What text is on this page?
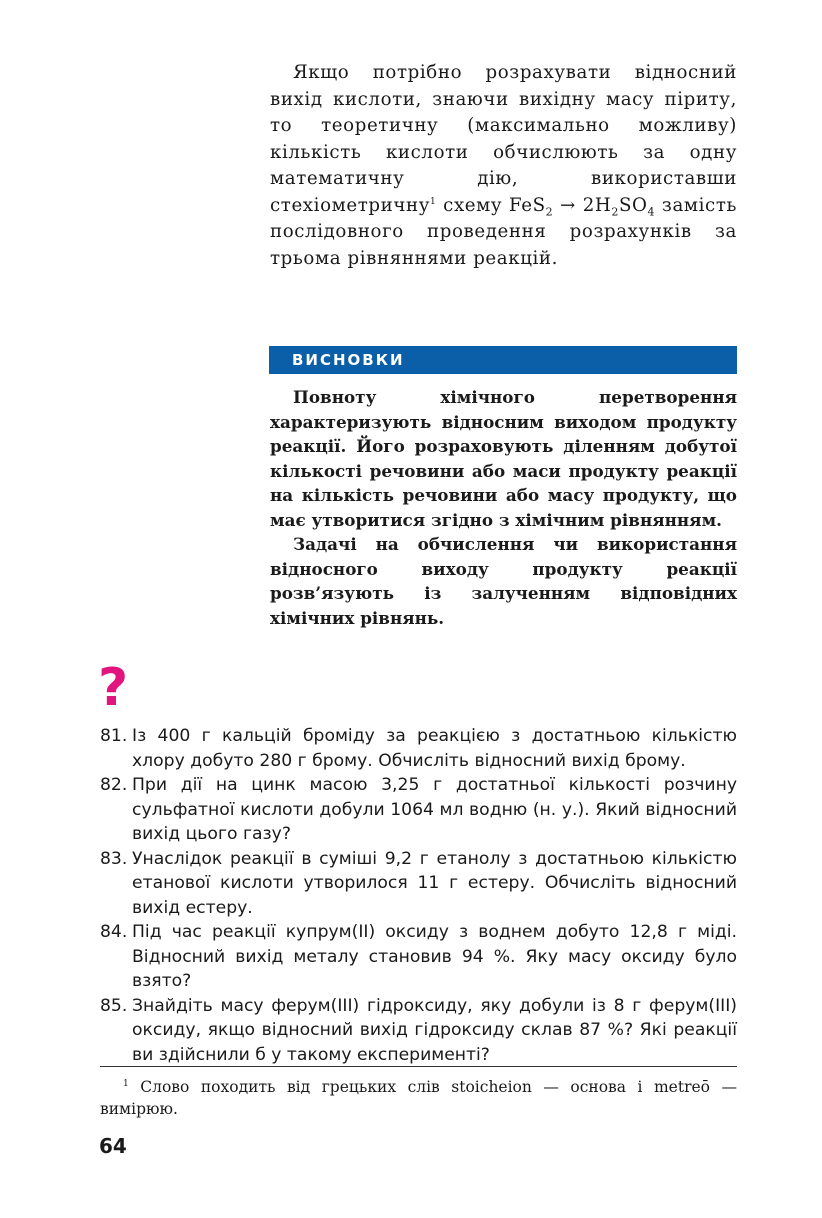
Якщо потрібно розрахувати відносний вихід кислоти, знаючи вихідну масу піриту, то теоретичну (максимально можливу) кількість кислоти обчислюють за одну математичну дію, використавши стехіометричну$^1$ схему $FeS_2 \to 2H_2SO_4$ замість послідовного проведення розрахунків за трьома рівняннями реакцій.
ВИСНОВКИ

Повноту хімічного перетворення характеризують відносним виходом продукту реакції. Його розраховують діленням добутої кількості речовини або маси продукту реакції на кількість речовини або масу продукту, що має утворитися згідно з хімічним рівнянням.

Задачі на обчислення чи використання відносного виходу продукту реакції розв’язують із залученням відповідних хімічних рівнянь.

?
81. Із 400 г кальцій броміду за реакцією з достатньою кількістю хлору добуто 280 г брому. Обчисліть відносний вихід брому.
82. При дії на цинк масою 3,25 г достатньої кількості розчину сульфатної кислоти добули 1064 мл водню (н. у.). Який відносний вихід цього газу?
83. Унаслідок реакції в суміші 9,2 г етанолу з достатньою кількістю етанової кислоти утворилося 11 г естеру. Обчисліть відносний вихід естеру.
84. Під час реакції купрум(ІІ) оксиду з воднем добуто 12,8 г міді. Відносний вихід металу становив 94 %. Яку масу оксиду було взято?
85. Знайдіть масу ферум(ІІІ) гідроксиду, яку добули із 8 г ферум(ІІІ) оксиду, якщо відносний вихід гідроксиду склав 87 %? Які реакції ви здійснили б у такому експерименті?
$^1$ Слово походить від грецьких слів stoicheion — основа і metreō — вимірюю.
64
